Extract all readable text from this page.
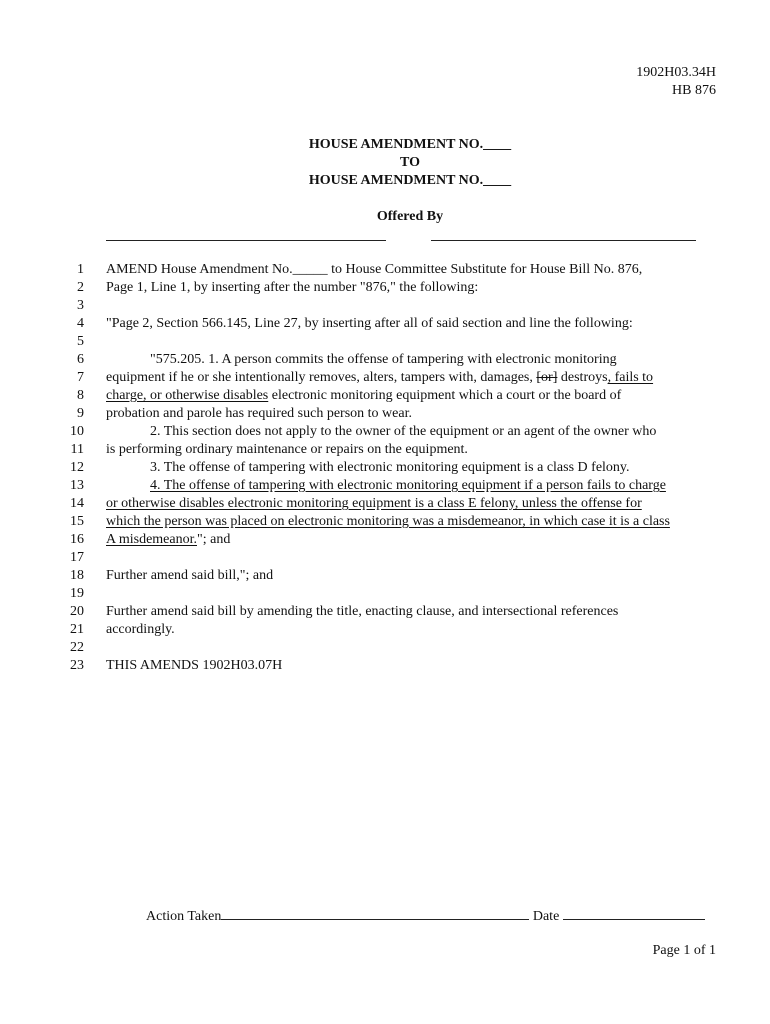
1902H03.34H
HB 876
HOUSE AMENDMENT NO.____
TO
HOUSE AMENDMENT NO.____
Offered By
1
2
3
4
5
6
7
8
9
10
11
12
13
14
15
16
17
18
19
20
21
22
23
AMEND House Amendment No._____ to House Committee Substitute for House Bill No. 876,
Page 1, Line 1, by inserting after the number "876," the following:
"Page 2, Section 566.145, Line 27, by inserting after all of said section and line the following:
"575.205. 1. A person commits the offense of tampering with electronic monitoring
equipment if he or she intentionally removes, alters, tampers with, damages, [or] destroys, fails to
charge, or otherwise disables electronic monitoring equipment which a court or the board of
probation and parole has required such person to wear.
2. This section does not apply to the owner of the equipment or an agent of the owner who
is performing ordinary maintenance or repairs on the equipment.
3. The offense of tampering with electronic monitoring equipment is a class D felony.
4. The offense of tampering with electronic monitoring equipment if a person fails to charge
or otherwise disables electronic monitoring equipment is a class E felony, unless the offense for
which the person was placed on electronic monitoring was a misdemeanor, in which case it is a class
A misdemeanor."; and
Further amend said bill,"; and
Further amend said bill by amending the title, enacting clause, and intersectional references
accordingly.
THIS AMENDS 1902H03.07H
Action Taken	Date
Page 1 of 1
